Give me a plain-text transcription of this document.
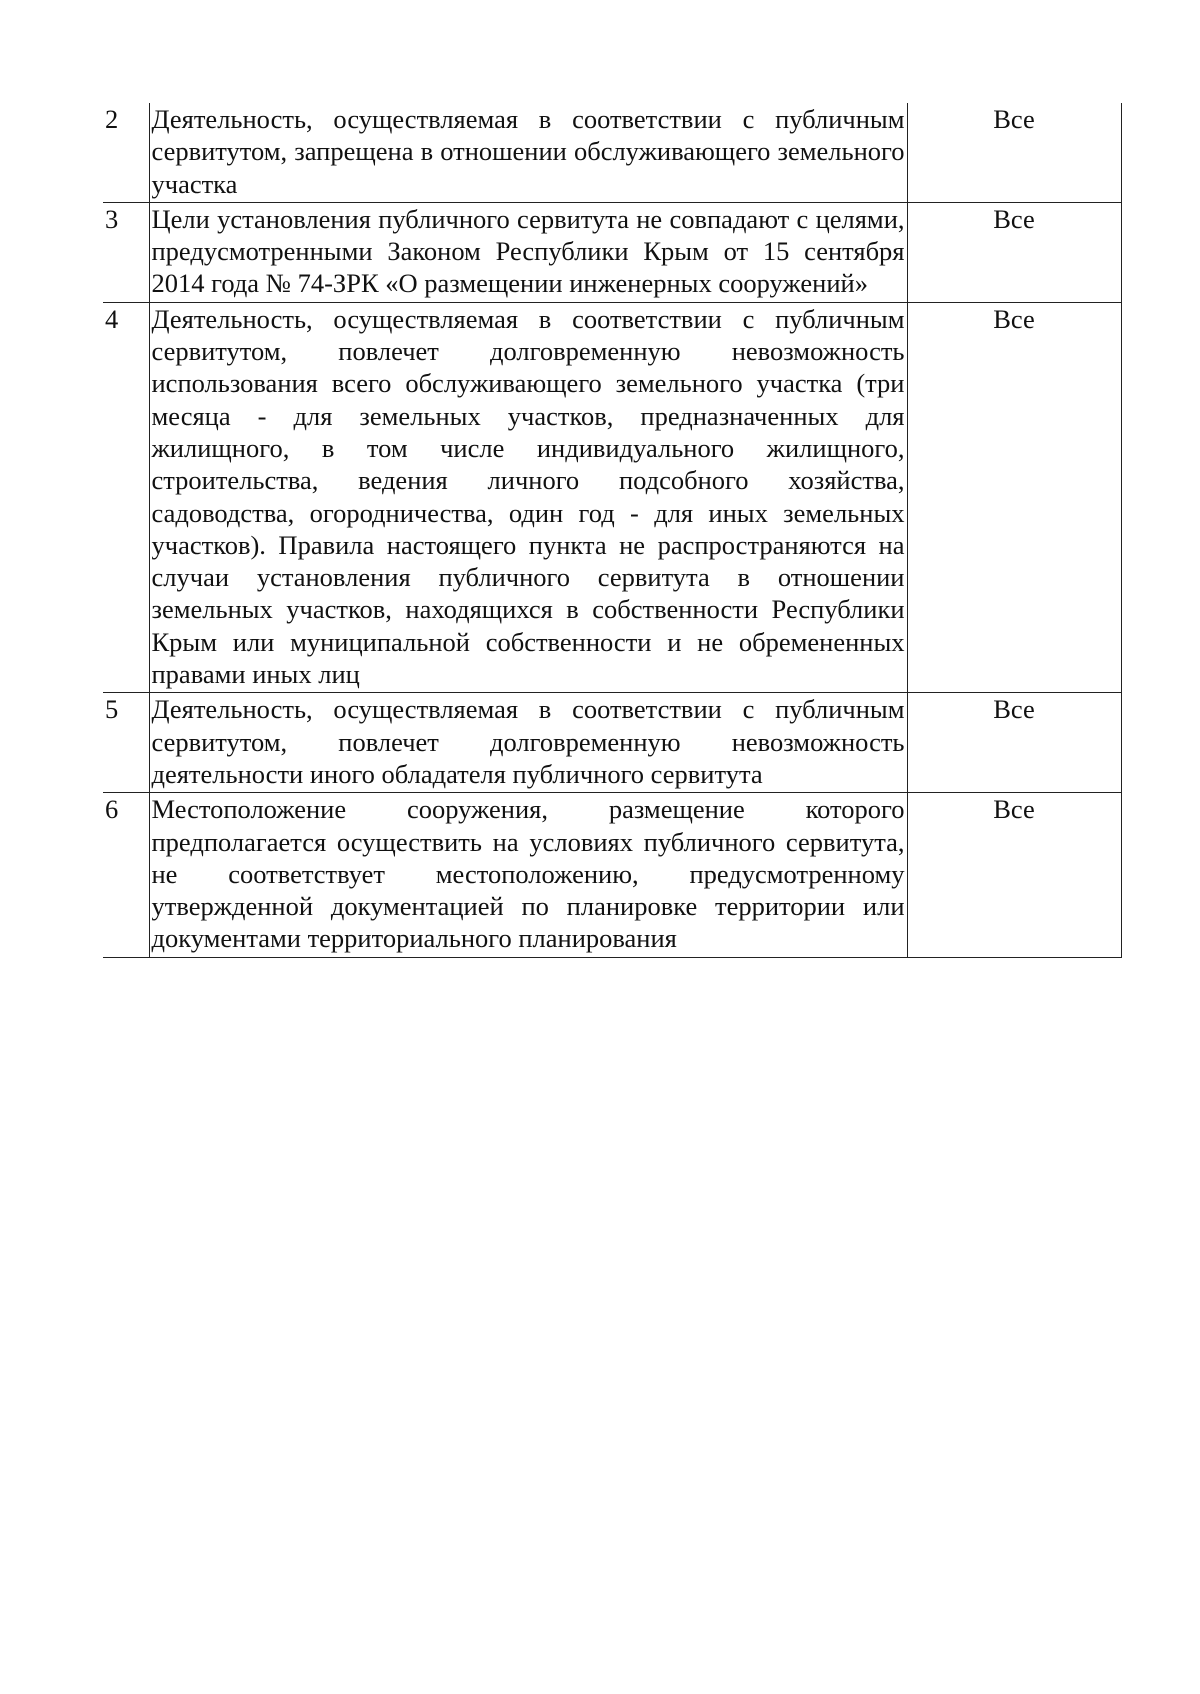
2	Деятельность, осуществляемая в соответствии с публичным сервитутом, запрещена в отношении обслуживающего земельного участка	Все
3	Цели установления публичного сервитута не совпадают с целями, предусмотренными Законом Республики Крым от 15 сентября 2014 года № 74-ЗРК «О размещении инженерных сооружений»	Все
4	Деятельность, осуществляемая в соответствии с публичным сервитутом, повлечет долговременную невозможность использования всего обслуживающего земельного участка (три месяца - для земельных участков, предназначенных для жилищного, в том числе индивидуального жилищного, строительства, ведения личного подсобного хозяйства, садоводства, огородничества, один год - для иных земельных участков). Правила настоящего пункта не распространяются на случаи установления публичного сервитута в отношении земельных участков, находящихся в собственности Республики Крым или муниципальной собственности и не обремененных правами иных лиц	Все
5	Деятельность, осуществляемая в соответствии с публичным сервитутом, повлечет долговременную невозможность деятельности иного обладателя публичного сервитута	Все
6	Местоположение сооружения, размещение которого предполагается осуществить на условиях публичного сервитута, не соответствует местоположению, предусмотренному утвержденной документацией по планировке территории или документами территориального планирования	Все
